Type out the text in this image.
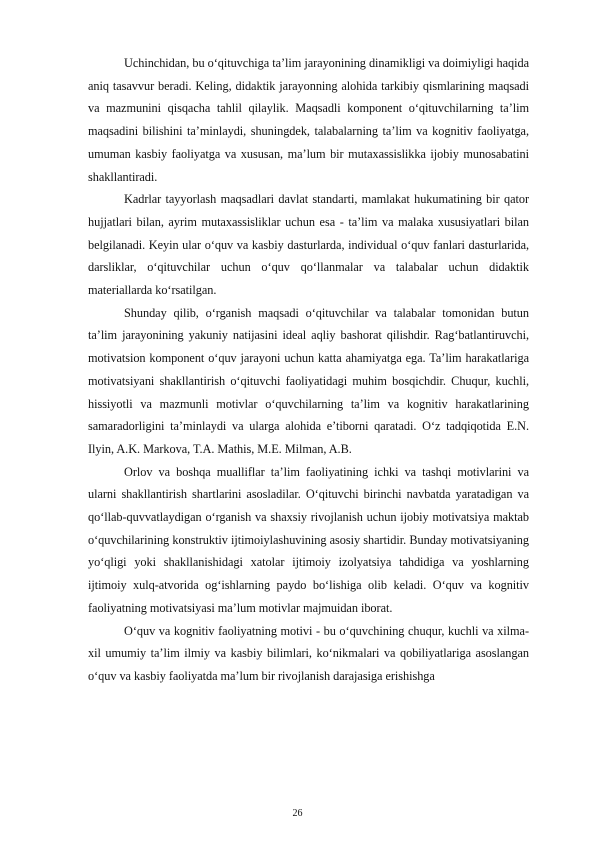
Uchinchidan, bu o‘qituvchiga ta’lim jarayonining dinamikligi va doimiyligi haqida aniq tasavvur beradi. Keling, didaktik jarayonning alohida tarkibiy qismlarining maqsadi va mazmunini qisqacha tahlil qilaylik. Maqsadli komponent o‘qituvchilarning ta’lim maqsadini bilishini ta’minlaydi, shuningdek, talabalarning ta’lim va kognitiv faoliyatga, umuman kasbiy faoliyatga va xususan, ma’lum bir mutaxassislikka ijobiy munosabatini shakllantiradi.

Kadrlar tayyorlash maqsadlari davlat standarti, mamlakat hukumatining bir qator hujjatlari bilan, ayrim mutaxassisliklar uchun esa - ta’lim va malaka xususiyatlari bilan belgilanadi. Keyin ular o‘quv va kasbiy dasturlarda, individual o‘quv fanlari dasturlarida, darsliklar, o‘qituvchilar uchun o‘quv qo‘llanmalar va talabalar uchun didaktik materiallarda ko‘rsatilgan.

Shunday qilib, o‘rganish maqsadi o‘qituvchilar va talabalar tomonidan butun ta’lim jarayonining yakuniy natijasini ideal aqliy bashorat qilishdir. Rag‘batlantiruvchi, motivatsion komponent o‘quv jarayoni uchun katta ahamiyatga ega. Ta’lim harakatlariga motivatsiyani shakllantirish o‘qituvchi faoliyatidagi muhim bosqichdir. Chuqur, kuchli, hissiyotli va mazmunli motivlar o‘quvchilarning ta’lim va kognitiv harakatlarining samaradorligini ta’minlaydi va ularga alohida e’tiborni qaratadi. O‘z tadqiqotida E.N. Ilyin, A.K. Markova, T.A. Mathis, M.E. Milman, A.B.

Orlov va boshqa mualliflar ta’lim faoliyatining ichki va tashqi motivlarini va ularni shakllantirish shartlarini asosladilar. O‘qituvchi birinchi navbatda yaratadigan va qo‘llab-quvvatlaydigan o‘rganish va shaxsiy rivojlanish uchun ijobiy motivatsiya maktab o‘quvchilarining konstruktiv ijtimoiylashuvining asosiy shartidir. Bunday motivatsiyaning yo‘qligi yoki shakllanishidagi xatolar ijtimoiy izolyatsiya tahdidiga va yoshlarning ijtimoiy xulq-atvorida og‘ishlarning paydo bo‘lishiga olib keladi. O‘quv va kognitiv faoliyatning motivatsiyasi ma’lum motivlar majmuidan iborat.

O‘quv va kognitiv faoliyatning motivi - bu o‘quvchining chuqur, kuchli va xilma-xil umumiy ta’lim ilmiy va kasbiy bilimlari, ko‘nikmalari va qobiliyatlariga asoslangan o‘quv va kasbiy faoliyatda ma’lum bir rivojlanish darajasiga erishishga

26
